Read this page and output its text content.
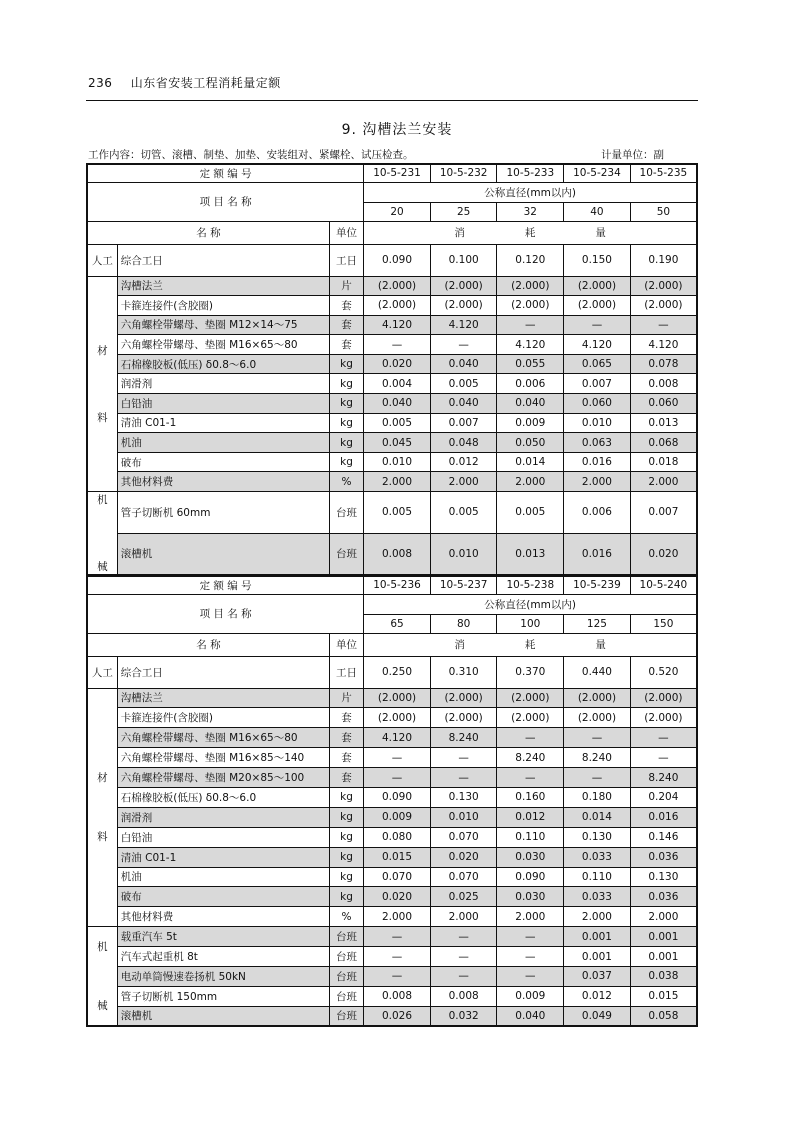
236 山东省安装工程消耗量定额
9. 沟槽法兰安装
工作内容：切管、滚槽、制垫、加垫、安装组对、紧螺栓、试压检查。	计量单位：副
定 额 编 号			10-5-231	10-5-232	10-5-233	10-5-234	10-5-235
项 目 名 称			公称直径(mm以内)				
			20	25	32	40	50
名 称		单位	消 耗 量				
人工	综合工日	工日	0.090	0.100	0.120	0.150	0.190

材
料	沟槽法兰	片	(2.000)	(2.000)	(2.000)	(2.000)	(2.000)
	卡箍连接件(含胶圈)	套	(2.000)	(2.000)	(2.000)	(2.000)	(2.000)
	六角螺栓带螺母、垫圈 M12×14～75	套	4.120	4.120	—	—	—
	六角螺栓带螺母、垫圈 M16×65～80	套	—	—	4.120	4.120	4.120
	石棉橡胶板(低压) δ0.8～6.0	kg	0.020	0.040	0.055	0.065	0.078
	润滑剂	kg	0.004	0.005	0.006	0.007	0.008
	白铅油	kg	0.040	0.040	0.040	0.060	0.060
	清油 C01-1	kg	0.005	0.007	0.009	0.010	0.013
	机油	kg	0.045	0.048	0.050	0.063	0.068
	破布	kg	0.010	0.012	0.014	0.016	0.018
	其他材料费	%	2.000	2.000	2.000	2.000	2.000

机
械	管子切断机 60mm	台班	0.005	0.005	0.005	0.006	0.007
	滚槽机	台班	0.008	0.010	0.013	0.016	0.020
定 额 编 号			10-5-236	10-5-237	10-5-238	10-5-239	10-5-240
项 目 名 称			公称直径(mm以内)				
			65	80	100	125	150
名 称		单位	消 耗 量				
人工	综合工日	工日	0.250	0.310	0.370	0.440	0.520

材
料	沟槽法兰	片	(2.000)	(2.000)	(2.000)	(2.000)	(2.000)
	卡箍连接件(含胶圈)	套	(2.000)	(2.000)	(2.000)	(2.000)	(2.000)
	六角螺栓带螺母、垫圈 M16×65～80	套	4.120	8.240	—	—	—
	六角螺栓带螺母、垫圈 M16×85～140	套	—	—	8.240	8.240	—
	六角螺栓带螺母、垫圈 M20×85～100	套	—	—	—	—	8.240
	石棉橡胶板(低压) δ0.8～6.0	kg	0.090	0.130	0.160	0.180	0.204
	润滑剂	kg	0.009	0.010	0.012	0.014	0.016
	白铅油	kg	0.080	0.070	0.110	0.130	0.146
	清油 C01-1	kg	0.015	0.020	0.030	0.033	0.036
	机油	kg	0.070	0.070	0.090	0.110	0.130
	破布	kg	0.020	0.025	0.030	0.033	0.036
	其他材料费	%	2.000	2.000	2.000	2.000	2.000

机
械	载重汽车 5t	台班	—	—	—	0.001	0.001
	汽车式起重机 8t	台班	—	—	—	0.001	0.001
	电动单筒慢速卷扬机 50kN	台班	—	—	—	0.037	0.038
	管子切断机 150mm	台班	0.008	0.008	0.009	0.012	0.015
	滚槽机	台班	0.026	0.032	0.040	0.049	0.058
